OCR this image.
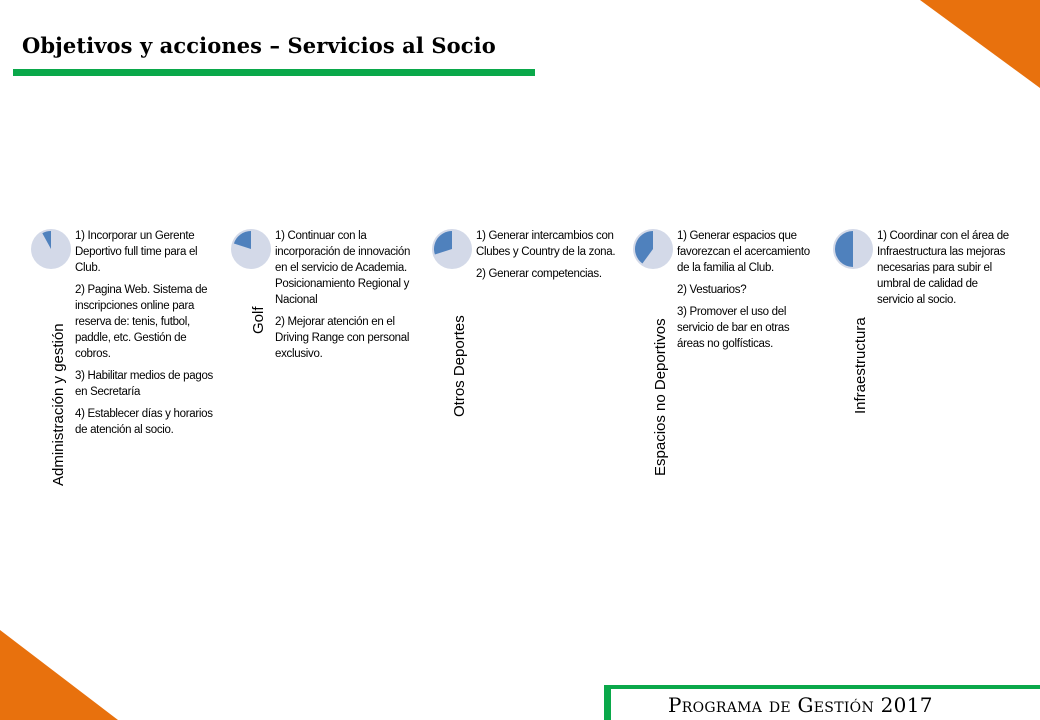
Objetivos y acciones – Servicios al Socio
Administración y gestión

1) Incorporar un Gerente Deportivo full time para el Club.

2) Pagina Web. Sistema de inscripciones online para reserva de: tenis, futbol, paddle, etc. Gestión de cobros.

3) Habilitar medios de pagos en Secretaría

4) Establecer días y horarios de atención al socio.

Golf

1) Continuar con la incorporación de innovación en el servicio de Academia. Posicionamiento Regional y Nacional

2) Mejorar atención en el Driving Range con personal exclusivo.	Otros Deportes

1) Generar intercambios con Clubes y Country de la zona.

2) Generar competencias.

Espacios no Deportivos

1) Generar espacios que favorezcan el acercamiento de la familia al Club.

2) Vestuarios?

3) Promover el uso del servicio de bar en otras áreas no golfísticas.	Infraestructura

1) Coordinar con el área de Infraestructura las mejoras necesarias para subir el umbral de calidad de servicio al socio.

Programa de Gestión 2017
